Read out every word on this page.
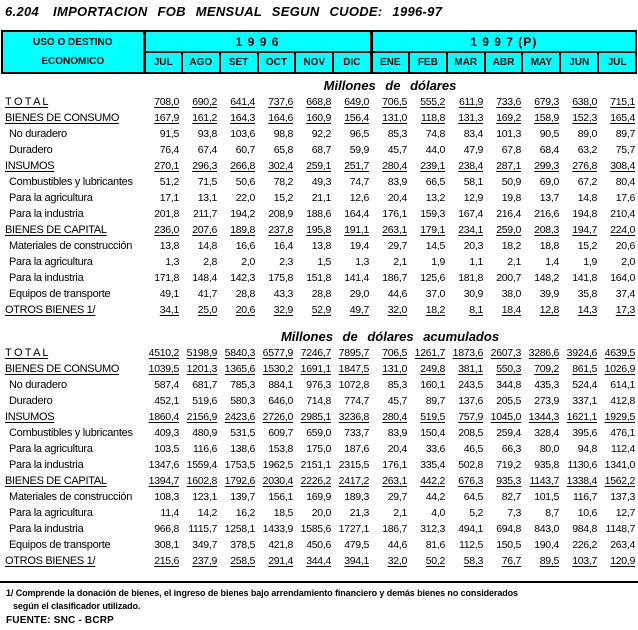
6.204 IMPORTACION FOB MENSUAL SEGUN CUODE: 1996-97
USO O DESTINO
ECONOMICO	1 9 9 6						1 9 9 7 (P)						
	JUL	AGO	SET	OCT	NOV	DIC	ENE	FEB	MAR	ABR	MAY	JUN	JUL
Millones de dólares
T O T A L	708,0	690,2	641,4	737,6	668,8	649,0	706,5	555,2	611,9	733,6	679,3	638,0	715,1
BIENES DE CONSUMO	167,9	161,2	164,3	164,6	160,9	156,4	131,0	118,8	131,3	169,2	158,9	152,3	165,4
No duradero	91,5	93,8	103,6	98,8	92,2	96,5	85,3	74,8	83,4	101,3	90,5	89,0	89,7
Duradero	76,4	67,4	60,7	65,8	68,7	59,9	45,7	44,0	47,9	67,8	68,4	63,2	75,7
INSUMOS	270,1	296,3	266,8	302,4	259,1	251,7	280,4	239,1	238,4	287,1	299,3	276,8	308,4
Combustibles y lubricantes	51,2	71,5	50,6	78,2	49,3	74,7	83,9	66,5	58,1	50,9	69,0	67,2	80,4
Para la agricultura	17,1	13,1	22,0	15,2	21,1	12,6	20,4	13,2	12,9	19,8	13,7	14,8	17,6
Para la industria	201,8	211,7	194,2	208,9	188,6	164,4	176,1	159,3	167,4	216,4	216,6	194,8	210,4
BIENES DE CAPITAL	236,0	207,6	189,8	237,8	195,8	191,1	263,1	179,1	234,1	259,0	208,3	194,7	224,0
Materiales de construcción	13,8	14,8	16,6	16,4	13,8	19,4	29,7	14,5	20,3	18,2	18,8	15,2	20,6
Para la agricultura	1,3	2,8	2,0	2,3	1,5	1,3	2,1	1,9	1,1	2,1	1,4	1,9	2,0
Para la industria	171,8	148,4	142,3	175,8	151,8	141,4	186,7	125,6	181,8	200,7	148,2	141,8	164,0
Equipos de transporte	49,1	41,7	28,8	43,3	28,8	29,0	44,6	37,0	30,9	38,0	39,9	35,8	37,4
OTROS BIENES 1/	34,1	25,0	20,6	32,9	52,9	49,7	32,0	18,2	8,1	18,4	12,8	14,3	17,3
Millones de dólares acumulados
T O T A L	4510,2	5198,9	5840,3	6577,9	7246,7	7895,7	706,5	1261,7	1873,6	2607,3	3286,6	3924,6	4639,5
BIENES DE CONSUMO	1039,5	1201,3	1365,6	1530,2	1691,1	1847,5	131,0	249,8	381,1	550,3	709,2	861,5	1026,9
No duradero	587,4	681,7	785,3	884,1	976,3	1072,8	85,3	160,1	243,5	344,8	435,3	524,4	614,1
Duradero	452,1	519,6	580,3	646,0	714,8	774,7	45,7	89,7	137,6	205,5	273,9	337,1	412,8
INSUMOS	1860,4	2156,9	2423,6	2726,0	2985,1	3236,8	280,4	519,5	757,9	1045,0	1344,3	1621,1	1929,5
Combustibles y lubricantes	409,3	480,9	531,5	609,7	659,0	733,7	83,9	150,4	208,5	259,4	328,4	395,6	476,1
Para la agricultura	103,5	116,6	138,6	153,8	175,0	187,6	20,4	33,6	46,5	66,3	80,0	94,8	112,4
Para la industria	1347,6	1559,4	1753,5	1962,5	2151,1	2315,5	176,1	335,4	502,8	719,2	935,8	1130,6	1341,0
BIENES DE CAPITAL	1394,7	1602,8	1792,6	2030,4	2226,2	2417,2	263,1	442,2	676,3	935,3	1143,7	1338,4	1562,2
Materiales de construcción	108,3	123,1	139,7	156,1	169,9	189,3	29,7	44,2	64,5	82,7	101,5	116,7	137,3
Para la agricultura	11,4	14,2	16,2	18,5	20,0	21,3	2,1	4,0	5,2	7,3	8,7	10,6	12,7
Para la industria	966,8	1115,7	1258,1	1433,9	1585,6	1727,1	186,7	312,3	494,1	694,8	843,0	984,8	1148,7
Equipos de transporte	308,1	349,7	378,5	421,8	450,6	479,5	44,6	81,6	112,5	150,5	190,4	226,2	263,4
OTROS BIENES 1/	215,6	237,9	258,5	291,4	344,4	394,1	32,0	50,2	58,3	76,7	89,5	103,7	120,9
1/ Comprende la donación de bienes, el ingreso de bienes bajo arrendamiento financiero y demás bienes no considerados
según el clasificador utilizado.
FUENTE: SNC - BCRP
